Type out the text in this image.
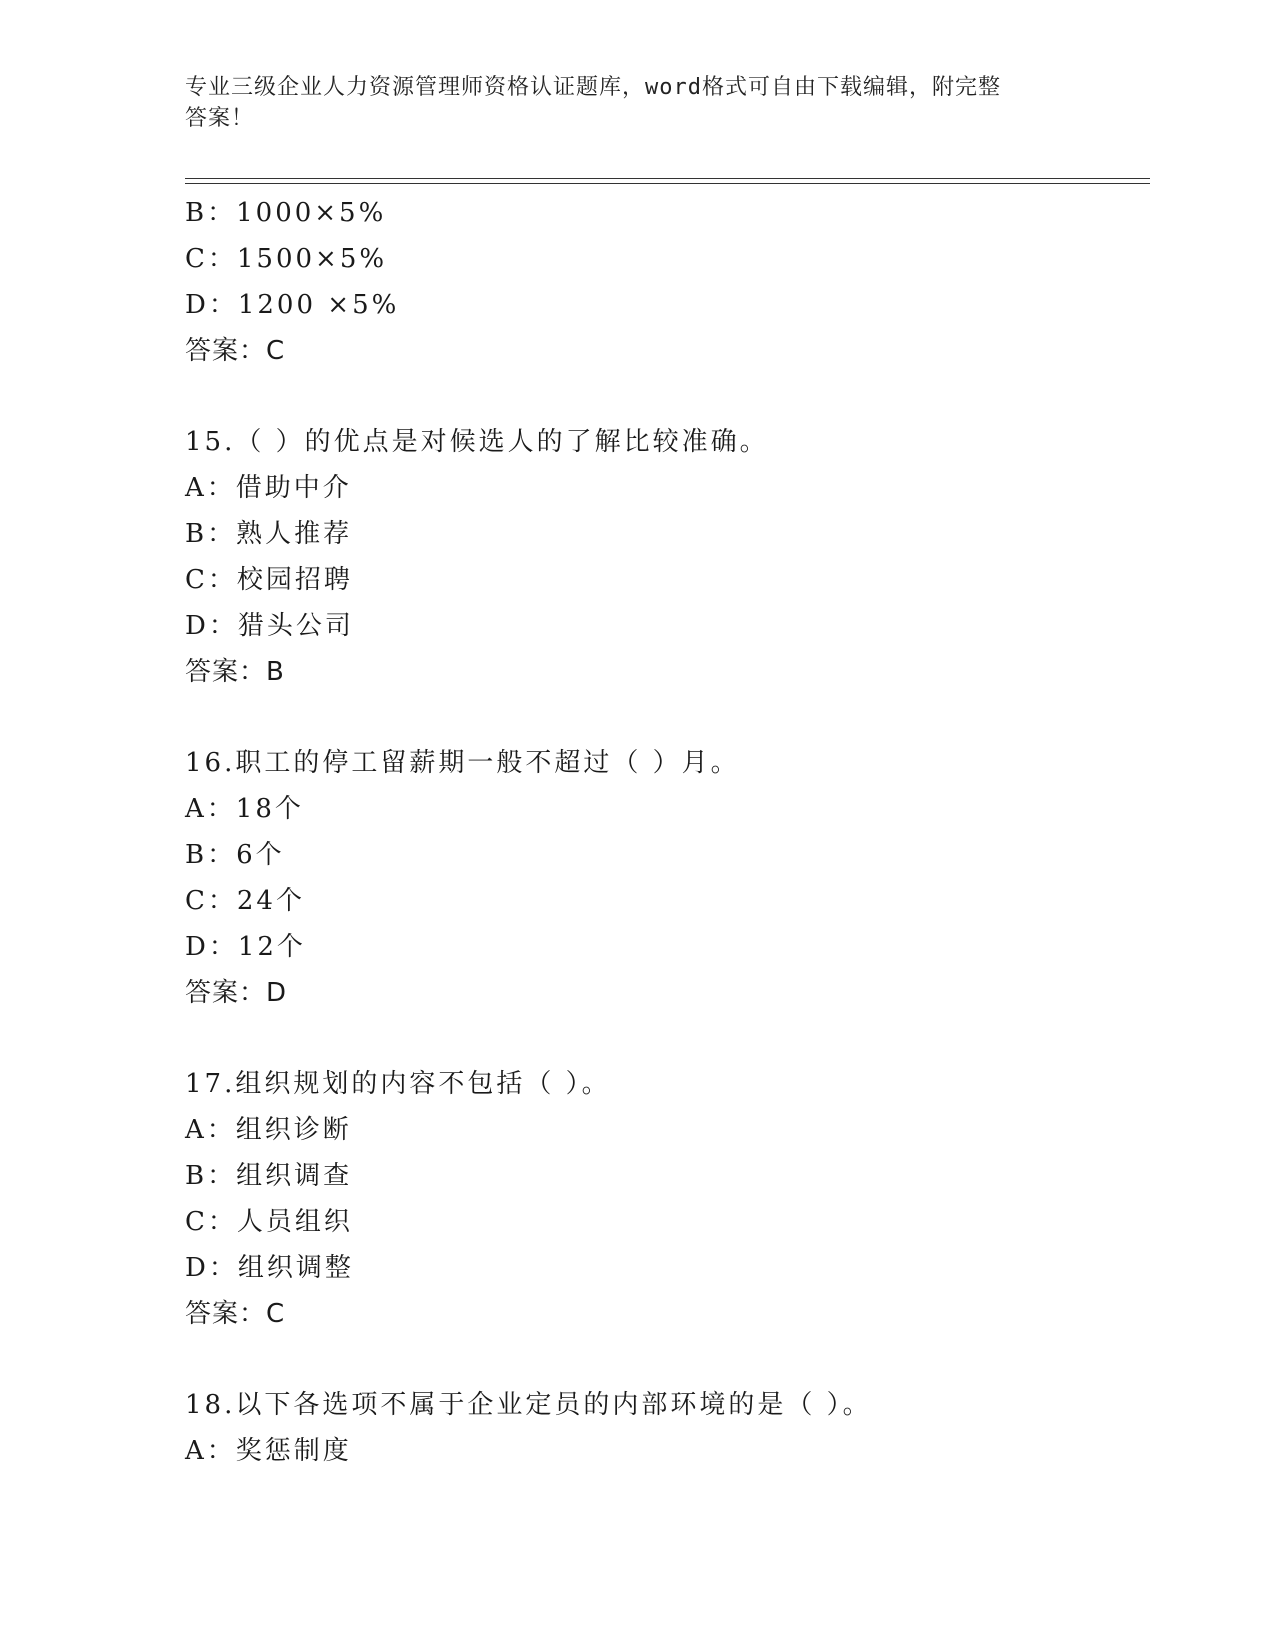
专业三级企业人力资源管理师资格认证题库，word格式可自由下载编辑，附完整
答案！
B：1000×5%
C：1500×5%
D：1200 ×5%
答案：C
15.（ ）的优点是对候选人的了解比较准确。
A：借助中介
B：熟人推荐
C：校园招聘
D：猎头公司
答案：B
16.职工的停工留薪期一般不超过（ ）月。
A：18个
B：6个
C：24个
D：12个
答案：D
17.组织规划的内容不包括（ ）。
A：组织诊断
B：组织调查
C：人员组织
D：组织调整
答案：C
18.以下各选项不属于企业定员的内部环境的是（ ）。
A：奖惩制度
